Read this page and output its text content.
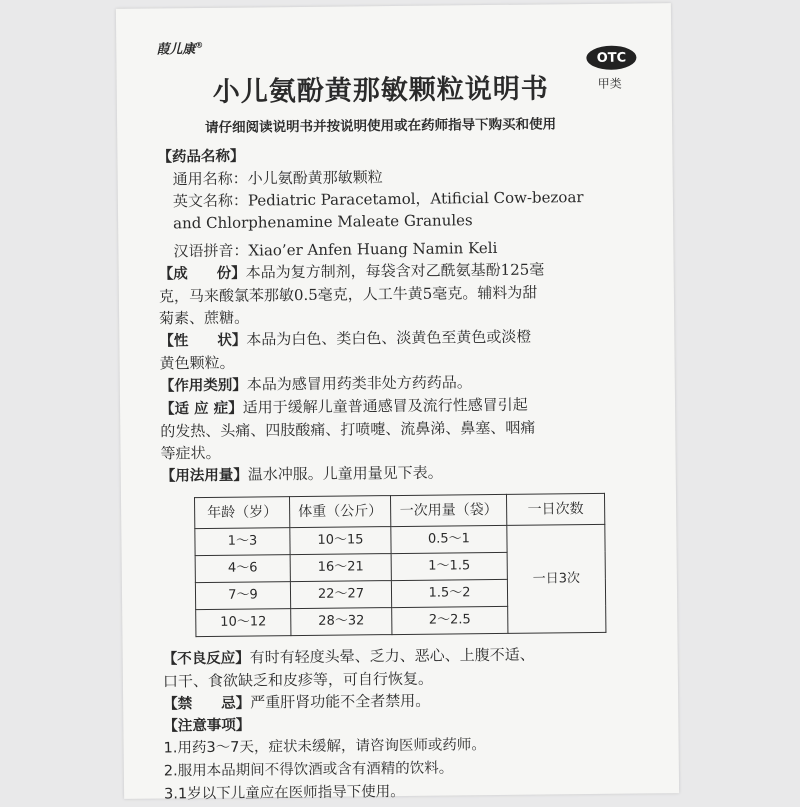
葭儿康®
OTC
甲类
小儿氨酚黄那敏颗粒说明书
请仔细阅读说明书并按说明使用或在药师指导下购买和使用
【药品名称】
通用名称：小儿氨酚黄那敏颗粒
英文名称：Pediatric Paracetamol，Atificial Cow-bezoar
and Chlorphenamine Maleate Granules
汉语拼音：Xiao’er Anfen Huang Namin Keli
【成　　份】本品为复方制剂，每袋含对乙酰氨基酚125毫
克，马来酸氯苯那敏0.5毫克，人工牛黄5毫克。辅料为甜
菊素、蔗糖。
【性　　状】本品为白色、类白色、淡黄色至黄色或淡橙
黄色颗粒。
【作用类别】本品为感冒用药类非处方药药品。
【适 应 症】适用于缓解儿童普通感冒及流行性感冒引起
的发热、头痛、四肢酸痛、打喷嚏、流鼻涕、鼻塞、咽痛
等症状。
【用法用量】温水冲服。儿童用量见下表。
年龄（岁）	体重（公斤）	一次用量（袋）	一日次数
1～3	10～15	0.5～1	一日3次
4～6	16～21	1～1.5	
7～9	22～27	1.5～2	
10～12	28～32	2～2.5	
【不良反应】有时有轻度头晕、乏力、恶心、上腹不适、
口干、食欲缺乏和皮疹等，可自行恢复。
【禁　　忌】严重肝肾功能不全者禁用。
【注意事项】
1.用药3～7天，症状未缓解，请咨询医师或药师。
2.服用本品期间不得饮酒或含有酒精的饮料。
3.1岁以下儿童应在医师指导下使用。
